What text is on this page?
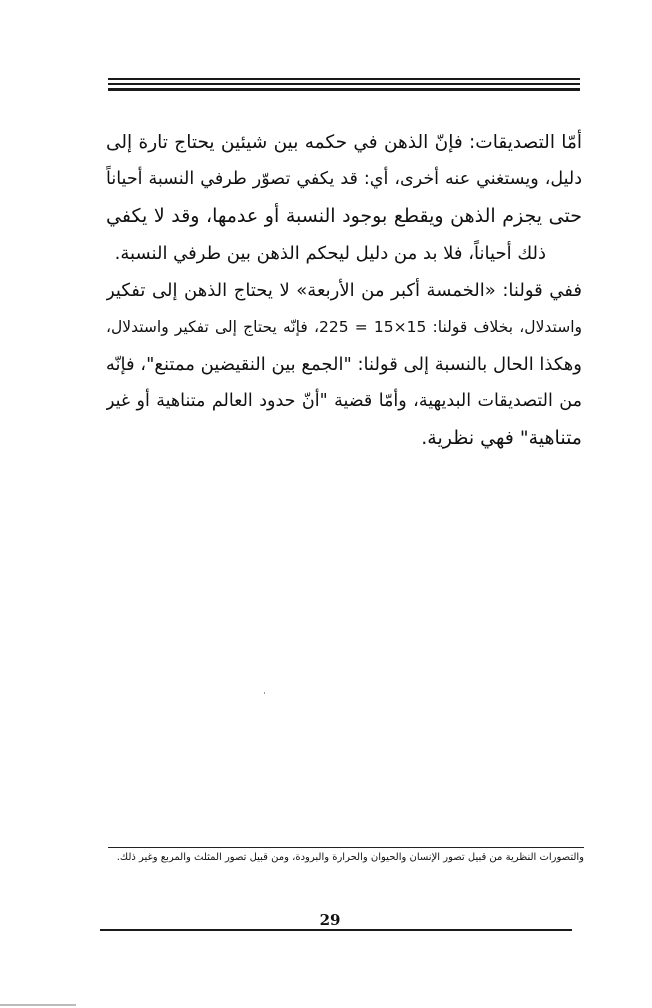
أمّا التصديقات: فإنّ الذهن في حكمه بين شيئين يحتاج تارة إلى
دليل، ويستغني عنه أخرى، أي: قد يكفي تصوّر طرفي النسبة أحياناً
حتى يجزم الذهن ويقطع بوجود النسبة أو عدمها، وقد لا يكفي
ذلك أحياناً، فلا بد من دليل ليحكم الذهن بين طرفي النسبة.
ففي قولنا: «الخمسة أكبر من الأربعة» لا يحتاج الذهن إلى تفكير
واستدلال، بخلاف قولنا: 15×15 = 225، فإنّه يحتاج إلى تفكير واستدلال،
وهكذا الحال بالنسبة إلى قولنا: "الجمع بين النقيضين ممتنع"، فإنّه
من التصديقات البديهية، وأمّا قضية "أنّ حدود العالم متناهية أو غير
متناهية" فهي نظرية.
والتصورات النظرية من قبيل تصور الإنسان والحيوان والحرارة والبرودة، ومن قبيل تصور المثلث والمربع وغير ذلك.
29
